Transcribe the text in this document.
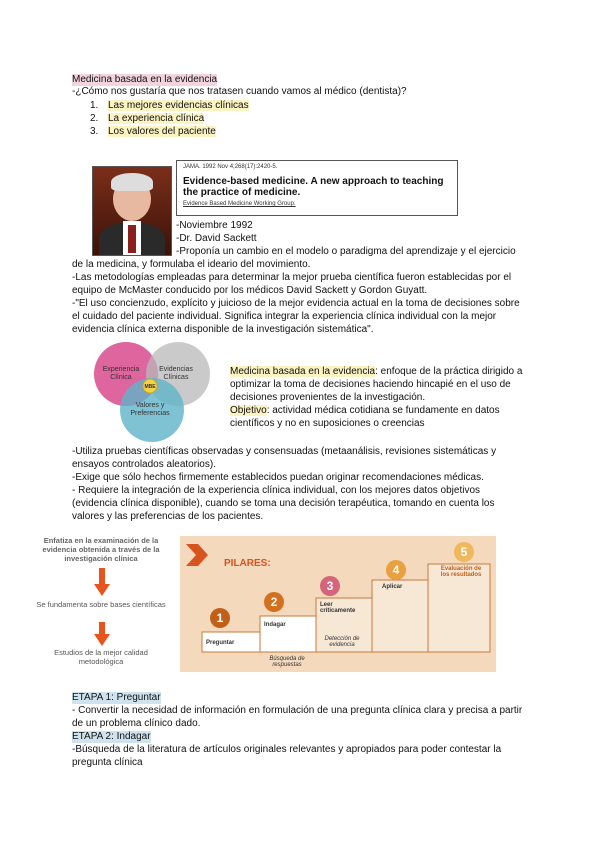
Medicina basada en la evidencia
-¿Cómo nos gustaría que nos tratasen cuando vamos al médico (dentista)?
1. Las mejores evidencias clínicas
2. La experiencia clínica
3. Los valores del paciente
JAMA. 1992 Nov 4;268(17):2420-5.
Evidence-based medicine. A new approach to teaching the practice of medicine.
Evidence Based Medicine Working Group.
-Noviembre 1992
-Dr. David Sackett
-Proponía un cambio en el modelo o paradigma del aprendizaje y el ejercicio
de la medicina, y formulaba el ideario del movimiento.
-Las metodologías empleadas para determinar la mejor prueba científica fueron establecidas por el
equipo de McMaster conducido por los médicos David Sackett y Gordon Guyatt.
-"El uso concienzudo, explícito y juicioso de la mejor evidencia actual en la toma de decisiones sobre
el cuidado del paciente individual. Significa integrar la experiencia clínica individual con la mejor
evidencia clínica externa disponible de la investigación sistemática".
Experiencia Clínica
Evidencias Clínicas
Valores y Preferencias
MBE
Medicina basada en la evidencia: enfoque de la práctica dirigido a
optimizar la toma de decisiones haciendo hincapié en el uso de
decisiones provenientes de la investigación.
Objetivo: actividad médica cotidiana se fundamente en datos
científicos y no en suposiciones o creencias
-Utiliza pruebas científicas observadas y consensuadas (metaanálisis, revisiones sistemáticas y
ensayos controlados aleatorios).
-Exige que sólo hechos firmemente establecidos puedan originar recomendaciones médicas.
- Requiere la integración de la experiencia clínica individual, con los mejores datos objetivos
(evidencia clínica disponible), cuando se toma una decisión terapéutica, tomando en cuenta los
valores y las preferencias de los pacientes.
Enfatiza en la examinación de la evidencia obtenida a través de la investigación clínica
Se fundamenta sobre bases científicas
Estudios de la mejor calidad metodológica
PILARES:
1
2
3
4
5
Preguntar
Indagar
Búsqueda de respuestas
Leer críticamente
Detección de evidencia
Aplicar
Evaluación de los resultados
ETAPA 1: Preguntar
- Convertir la necesidad de información en formulación de una pregunta clínica clara y precisa a partir
de un problema clínico dado.
ETAPA 2: Indagar
-Búsqueda de la literatura de artículos originales relevantes y apropiados para poder contestar la
pregunta clínica
